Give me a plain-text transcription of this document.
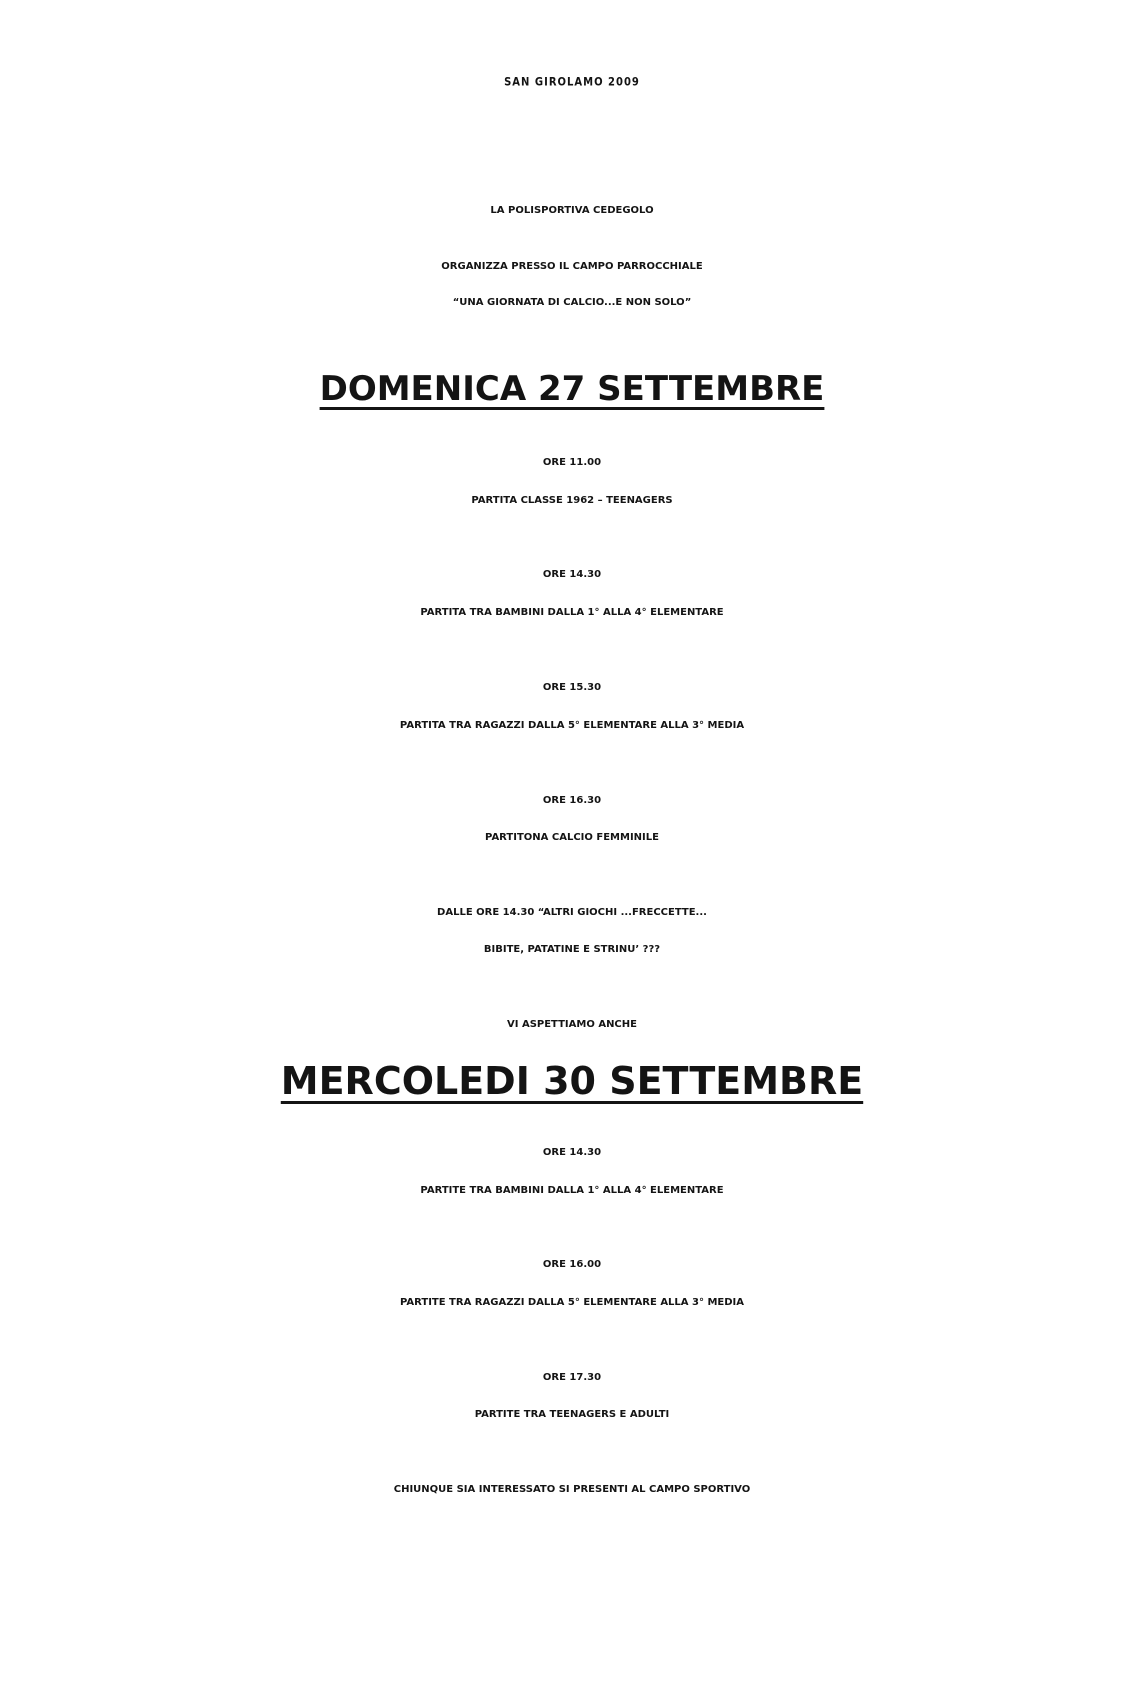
SAN GIROLAMO 2009
LA POLISPORTIVA CEDEGOLO
ORGANIZZA PRESSO IL CAMPO PARROCCHIALE
“UNA GIORNATA DI CALCIO...E NON SOLO”
DOMENICA 27 SETTEMBRE
ORE 11.00
PARTITA CLASSE 1962 – TEENAGERS
ORE 14.30
PARTITA TRA BAMBINI DALLA 1° ALLA 4° ELEMENTARE
ORE 15.30
PARTITA TRA RAGAZZI DALLA 5° ELEMENTARE ALLA 3° MEDIA
ORE 16.30
PARTITONA CALCIO FEMMINILE
DALLE ORE 14.30 “ALTRI GIOCHI ...FRECCETTE...
BIBITE, PATATINE E STRINU’ ???
VI ASPETTIAMO ANCHE
MERCOLEDI 30 SETTEMBRE
ORE 14.30
PARTITE TRA BAMBINI DALLA 1° ALLA 4° ELEMENTARE
ORE 16.00
PARTITE TRA RAGAZZI DALLA 5° ELEMENTARE ALLA 3° MEDIA
ORE 17.30
PARTITE TRA TEENAGERS E ADULTI
CHIUNQUE SIA INTERESSATO SI PRESENTI AL CAMPO SPORTIVO
